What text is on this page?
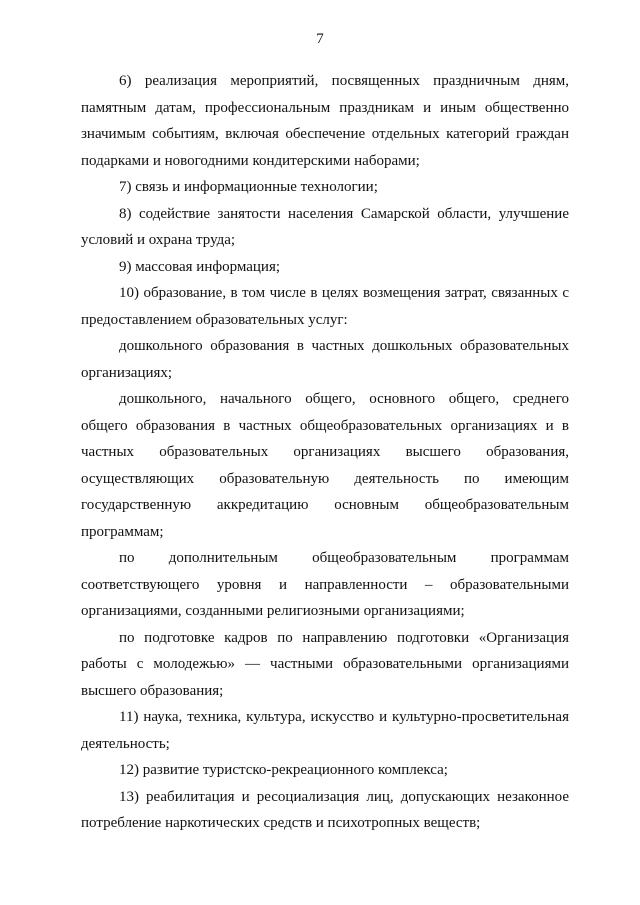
7

6) реализация мероприятий, посвященных праздничным дням, памятным датам, профессиональным праздникам и иным общественно значимым событиям, включая обеспечение отдельных категорий граждан подарками и новогодними кондитерскими наборами;

7) связь и информационные технологии;

8) содействие занятости населения Самарской области, улучшение условий и охрана труда;

9) массовая информация;

10) образование, в том числе в целях возмещения затрат, связанных с предоставлением образовательных услуг:

дошкольного образования в частных дошкольных образовательных организациях;

дошкольного, начального общего, основного общего, среднего общего образования в частных общеобразовательных организациях и в частных образовательных организациях высшего образования, осуществляющих образовательную деятельность по имеющим государственную аккредитацию основным общеобразовательным программам;

по дополнительным общеобразовательным программам соответствующего уровня и направленности – образовательными организациями, созданными религиозными организациями;

по подготовке кадров по направлению подготовки «Организация работы с молодежью» — частными образовательными организациями высшего образования;

11) наука, техника, культура, искусство и культурно-просветительная деятельность;

12) развитие туристско-рекреационного комплекса;

13) реабилитация и ресоциализация лиц, допускающих незаконное потребление наркотических средств и психотропных веществ;
